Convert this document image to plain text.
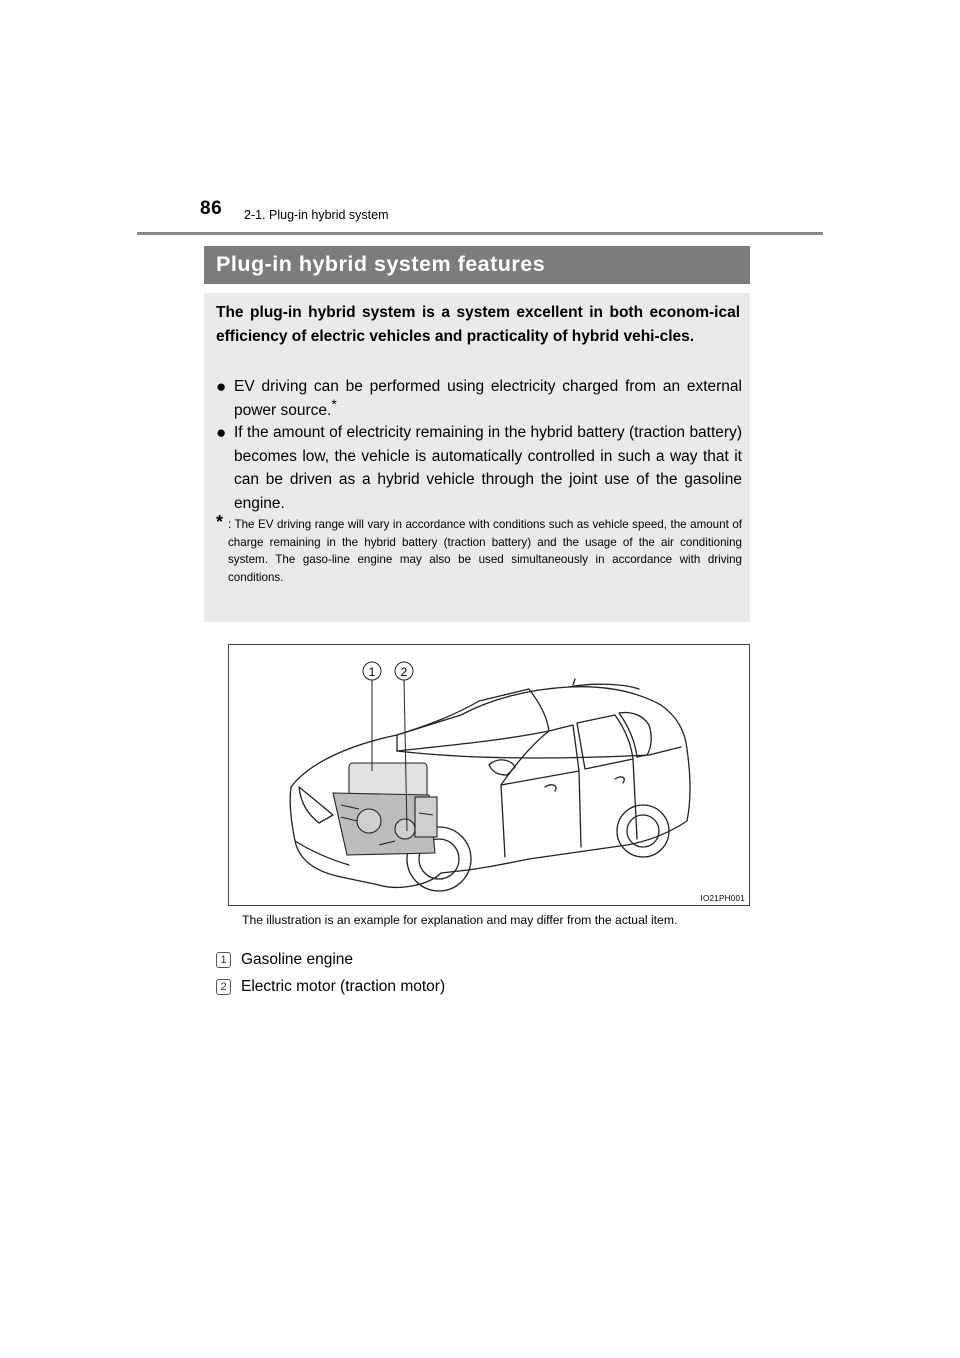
86 2-1. Plug-in hybrid system
Plug-in hybrid system features
The plug-in hybrid system is a system excellent in both econom-ical efficiency of electric vehicles and practicality of hybrid vehi-cles.
● EV driving can be performed using electricity charged from an external power source.*
● If the amount of electricity remaining in the hybrid battery (traction battery) becomes low, the vehicle is automatically controlled in such a way that it can be driven as a hybrid vehicle through the joint use of the gasoline engine.
* : The EV driving range will vary in accordance with conditions such as vehicle speed, the amount of charge remaining in the hybrid battery (traction battery) and the usage of the air conditioning system. The gaso-line engine may also be used simultaneously in accordance with driving conditions.
1 2
IO21PH001
The illustration is an example for explanation and may differ from the actual item.
1 Gasoline engine
2 Electric motor (traction motor)
